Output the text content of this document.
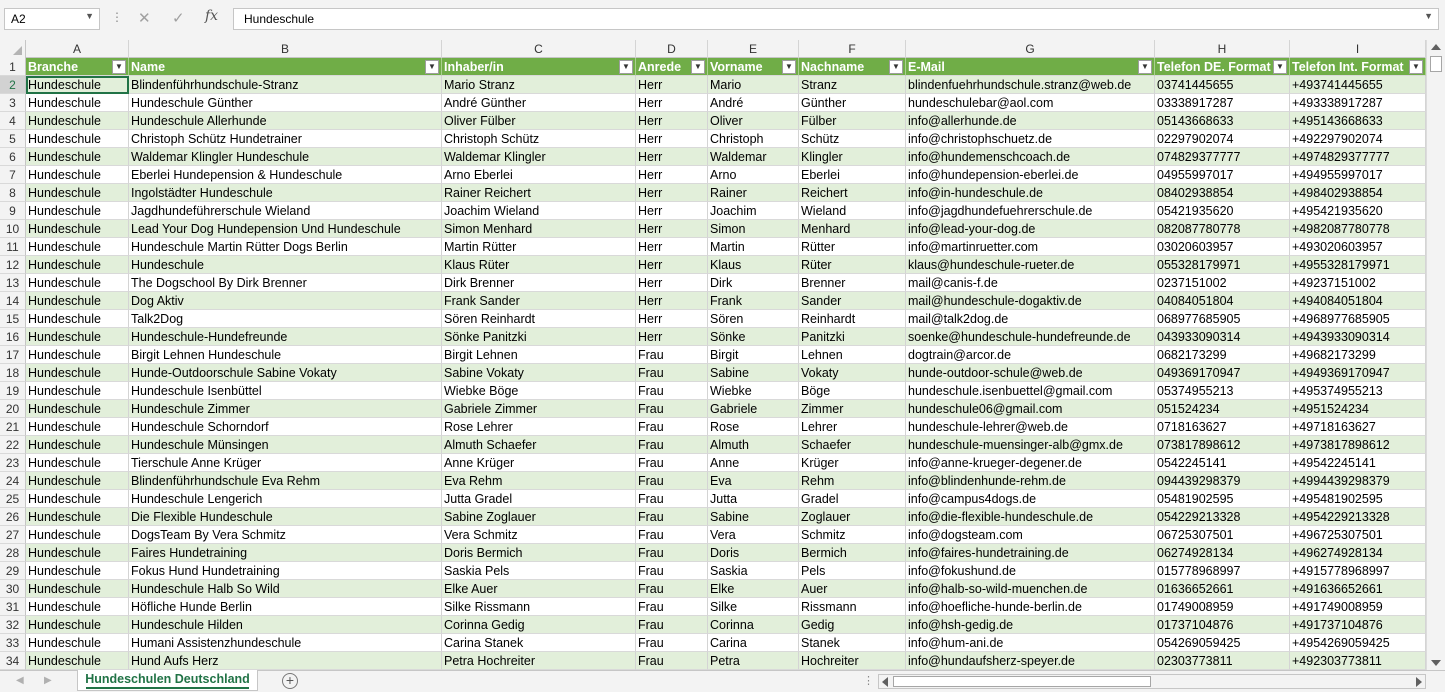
A2	▼ ⋮ ✕ ✓ fx	Hundeschule	▼
A	B	C	D	E	F	G	H	I
1 Branche	▼ Name	▼ Inhaber/in	▼ Anrede	▼ Vorname	▼ Nachname	▼ E-Mail	▼ Telefon DE. Format ▼ Telefon Int. Format	▼
2 Hundeschule	Blindenführhundschule-Stranz	Mario Stranz	Herr	Mario	Stranz	blindenfuehrhundschule.stranz@web.de	03741445655	+493741445655
3 Hundeschule	Hundeschule Günther	André Günther	Herr	André	Günther	hundeschulebar@aol.com	03338917287	+493338917287
4 Hundeschule	Hundeschule Allerhunde	Oliver Fülber	Herr	Oliver	Fülber	info@allerhunde.de	05143668633	+495143668633
5 Hundeschule	Christoph Schütz Hundetrainer	Christoph Schütz	Herr	Christoph	Schütz	info@christophschuetz.de	02297902074	+492297902074
6 Hundeschule	Waldemar Klingler Hundeschule	Waldemar Klingler	Herr	Waldemar	Klingler	info@hundemenschcoach.de	074829377777	+4974829377777
7 Hundeschule	Eberlei Hundepension & Hundeschule	Arno Eberlei	Herr	Arno	Eberlei	info@hundepension-eberlei.de	04955997017	+494955997017
8 Hundeschule	Ingolstädter Hundeschule	Rainer Reichert	Herr	Rainer	Reichert	info@in-hundeschule.de	08402938854	+498402938854
9 Hundeschule	Jagdhundeführerschule Wieland	Joachim Wieland	Herr	Joachim	Wieland	info@jagdhundefuehrerschule.de	05421935620	+495421935620
10 Hundeschule	Lead Your Dog Hundepension Und Hundeschule	Simon Menhard	Herr	Simon	Menhard	info@lead-your-dog.de	082087780778	+4982087780778
11 Hundeschule	Hundeschule Martin Rütter Dogs Berlin	Martin Rütter	Herr	Martin	Rütter	info@martinruetter.com	03020603957	+493020603957
12 Hundeschule	Hundeschule	Klaus Rüter	Herr	Klaus	Rüter	klaus@hundeschule-rueter.de	055328179971	+4955328179971
13 Hundeschule	The Dogschool By Dirk Brenner	Dirk Brenner	Herr	Dirk	Brenner	mail@canis-f.de	0237151002	+49237151002
14 Hundeschule	Dog Aktiv	Frank Sander	Herr	Frank	Sander	mail@hundeschule-dogaktiv.de	04084051804	+494084051804
15 Hundeschule	Talk2Dog	Sören Reinhardt	Herr	Sören	Reinhardt	mail@talk2dog.de	068977685905	+4968977685905
16 Hundeschule	Hundeschule-Hundefreunde	Sönke Panitzki	Herr	Sönke	Panitzki	soenke@hundeschule-hundefreunde.de	043933090314	+4943933090314
17 Hundeschule	Birgit Lehnen Hundeschule	Birgit Lehnen	Frau	Birgit	Lehnen	dogtrain@arcor.de	0682173299	+49682173299
18 Hundeschule	Hunde-Outdoorschule Sabine Vokaty	Sabine Vokaty	Frau	Sabine	Vokaty	hunde-outdoor-schule@web.de	049369170947	+4949369170947
19 Hundeschule	Hundeschule Isenbüttel	Wiebke Böge	Frau	Wiebke	Böge	hundeschule.isenbuettel@gmail.com	05374955213	+495374955213
20 Hundeschule	Hundeschule Zimmer	Gabriele Zimmer	Frau	Gabriele	Zimmer	hundeschule06@gmail.com	051524234	+4951524234
21 Hundeschule	Hundeschule Schorndorf	Rose Lehrer	Frau	Rose	Lehrer	hundeschule-lehrer@web.de	0718163627	+49718163627
22 Hundeschule	Hundeschule Münsingen	Almuth Schaefer	Frau	Almuth	Schaefer	hundeschule-muensinger-alb@gmx.de	073817898612	+4973817898612
23 Hundeschule	Tierschule Anne Krüger	Anne Krüger	Frau	Anne	Krüger	info@anne-krueger-degener.de	0542245141	+49542245141
24 Hundeschule	Blindenführhundschule Eva Rehm	Eva Rehm	Frau	Eva	Rehm	info@blindenhunde-rehm.de	094439298379	+4994439298379
25 Hundeschule	Hundeschule Lengerich	Jutta Gradel	Frau	Jutta	Gradel	info@campus4dogs.de	05481902595	+495481902595
26 Hundeschule	Die Flexible Hundeschule	Sabine Zoglauer	Frau	Sabine	Zoglauer	info@die-flexible-hundeschule.de	054229213328	+4954229213328
27 Hundeschule	DogsTeam By Vera Schmitz	Vera Schmitz	Frau	Vera	Schmitz	info@dogsteam.com	06725307501	+496725307501
28 Hundeschule	Faires Hundetraining	Doris Bermich	Frau	Doris	Bermich	info@faires-hundetraining.de	06274928134	+496274928134
29 Hundeschule	Fokus Hund Hundetraining	Saskia Pels	Frau	Saskia	Pels	info@fokushund.de	015778968997	+4915778968997
30 Hundeschule	Hundeschule Halb So Wild	Elke Auer	Frau	Elke	Auer	info@halb-so-wild-muenchen.de	01636652661	+491636652661
31 Hundeschule	Höfliche Hunde Berlin	Silke Rissmann	Frau	Silke	Rissmann	info@hoefliche-hunde-berlin.de	01749008959	+491749008959
32 Hundeschule	Hundeschule Hilden	Corinna Gedig	Frau	Corinna	Gedig	info@hsh-gedig.de	01737104876	+491737104876
33 Hundeschule	Humani Assistenzhundeschule	Carina Stanek	Frau	Carina	Stanek	info@hum-ani.de	054269059425	+4954269059425
34 Hundeschule	Hund Aufs Herz	Petra Hochreiter	Frau	Petra	Hochreiter	info@hundaufsherz-speyer.de	02303773811	+492303773811
◀ ▶	Hundeschulen Deutschland	+	⋮
